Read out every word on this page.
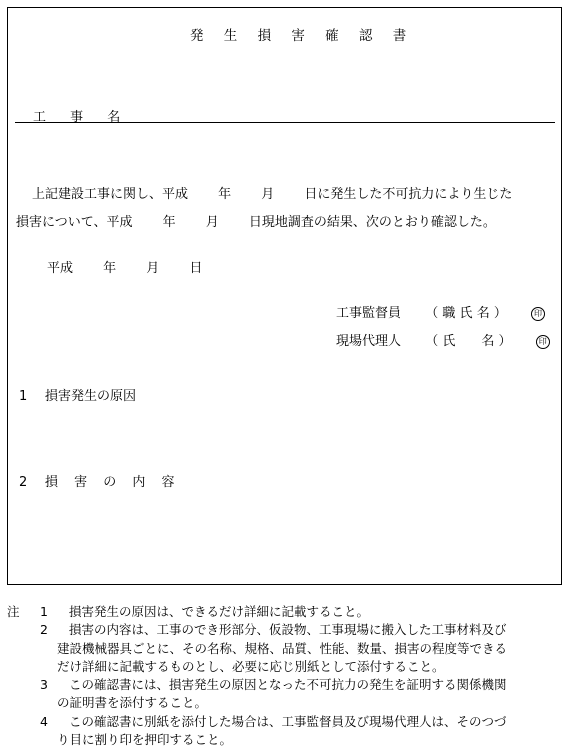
発 生 損 害 確 認 書
工 事 名
上記建設工事に関し、平成　　 年　　 月　　 日に発生した不可抗力により生じた
損害について、平成　　 年　　 月　　 日現地調査の結果、次のとおり確認した。
平成　　 年　　 月　　 日
工事監督員 （ 職 氏 名 ）	印
現場代理人 （ 氏　　名 ）	印
1 損害発生の原因
2 損 害 の 内 容
注 1 損害発生の原因は、できるだけ詳細に記載すること。
2 損害の内容は、工事のでき形部分、仮設物、工事現場に搬入した工事材料及び
建設機械器具ごとに、その名称、規格、品質、性能、数量、損害の程度等できる
だけ詳細に記載するものとし、必要に応じ別紙として添付すること。
3 この確認書には、損害発生の原因となった不可抗力の発生を証明する関係機関
の証明書を添付すること。
4 この確認書に別紙を添付した場合は、工事監督員及び現場代理人は、そのつづ
り目に割り印を押印すること。
